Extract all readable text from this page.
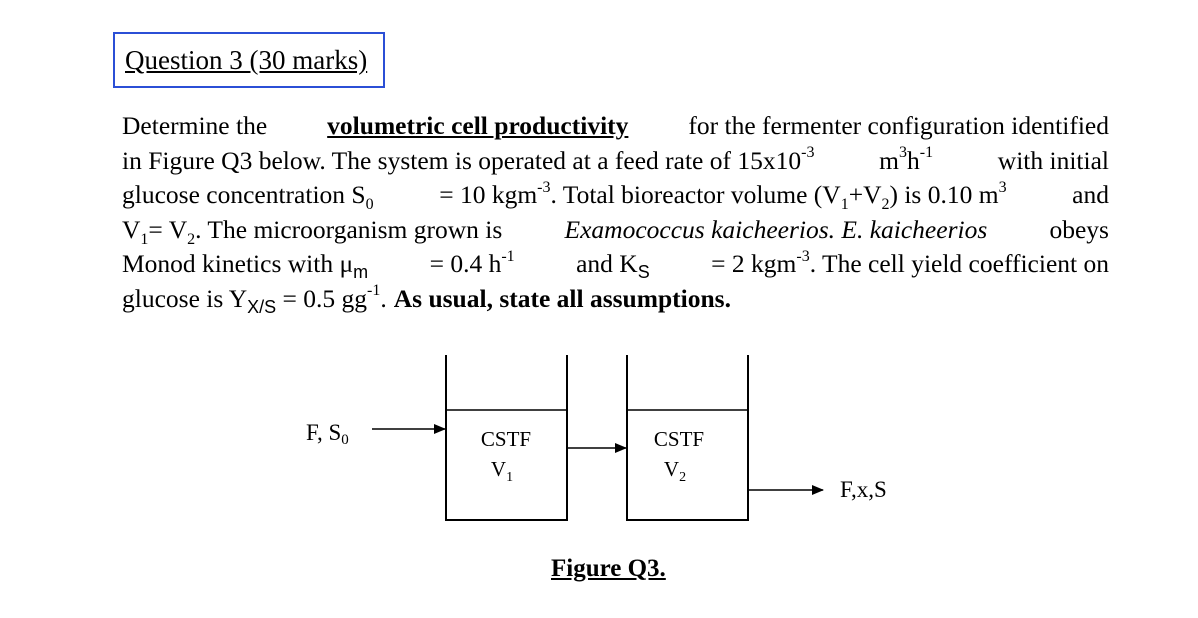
Question 3 (30 marks)
Determine the volumetric cell productivity for the fermenter configuration identified
in Figure Q3 below. The system is operated at a feed rate of $15x10^{-3}$	$m^3h^{-1}$	with initial
glucose concentration $S_0$	= 10 kgm$^{-3}$. Total bioreactor volume $(V_1+V_2)$ is 0.10 $m^3$	and
$V_1= V_2$. The microorganism grown is Examococcus kaicheerios. E. kaicheerios obeys
Monod kinetics with $\mu_m = 0.4$ $h^{-1}$ and $K_S = 2$ kgm$^{-3}$. The cell yield coefficient on
glucose is $Y_{X/S} = 0.5$ $gg^{-1}$. As usual, state all assumptions.
CSTF
$V_1$
CSTF
$V_2$
F, S0
F,x,S
Figure Q3.
